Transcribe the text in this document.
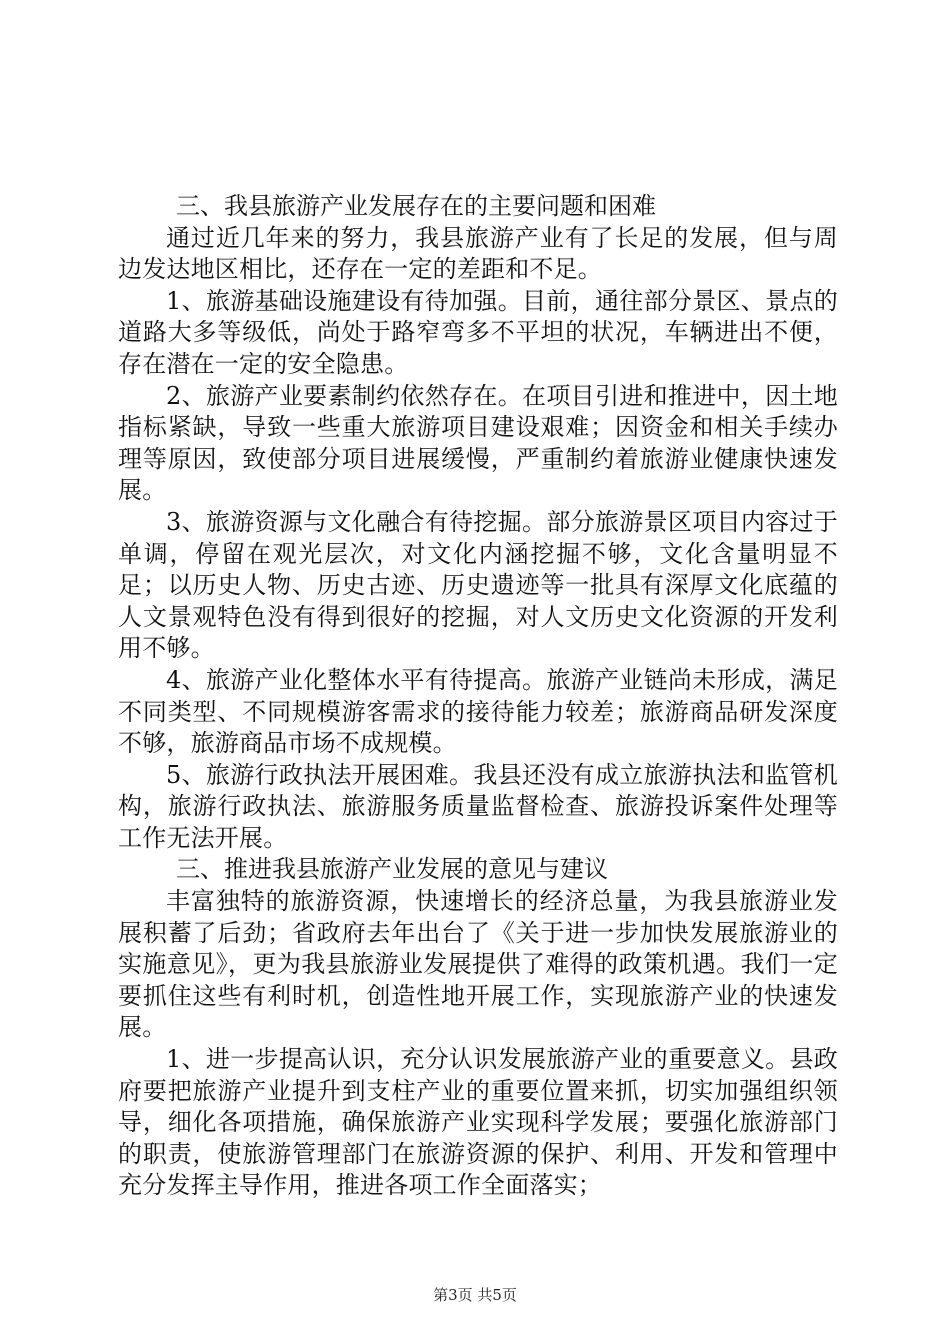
三、我县旅游产业发展存在的主要问题和困难

通过近几年来的努力，我县旅游产业有了长足的发展，但与周边发达地区相比，还存在一定的差距和不足。

1、旅游基础设施建设有待加强。目前，通往部分景区、景点的道路大多等级低，尚处于路窄弯多不平坦的状况，车辆进出不便，存在潜在一定的安全隐患。

2、旅游产业要素制约依然存在。在项目引进和推进中，因土地指标紧缺，导致一些重大旅游项目建设艰难；因资金和相关手续办理等原因，致使部分项目进展缓慢，严重制约着旅游业健康快速发展。

3、旅游资源与文化融合有待挖掘。部分旅游景区项目内容过于单调，停留在观光层次，对文化内涵挖掘不够，文化含量明显不足；以历史人物、历史古迹、历史遗迹等一批具有深厚文化底蕴的人文景观特色没有得到很好的挖掘，对人文历史文化资源的开发利用不够。

4、旅游产业化整体水平有待提高。旅游产业链尚未形成，满足不同类型、不同规模游客需求的接待能力较差；旅游商品研发深度不够，旅游商品市场不成规模。

5、旅游行政执法开展困难。我县还没有成立旅游执法和监管机构，旅游行政执法、旅游服务质量监督检查、旅游投诉案件处理等工作无法开展。

三、推进我县旅游产业发展的意见与建议

丰富独特的旅游资源，快速增长的经济总量，为我县旅游业发展积蓄了后劲；省政府去年出台了《关于进一步加快发展旅游业的实施意见》，更为我县旅游业发展提供了难得的政策机遇。我们一定要抓住这些有利时机，创造性地开展工作，实现旅游产业的快速发展。

1、进一步提高认识，充分认识发展旅游产业的重要意义。县政府要把旅游产业提升到支柱产业的重要位置来抓，切实加强组织领导，细化各项措施，确保旅游产业实现科学发展；要强化旅游部门的职责，使旅游管理部门在旅游资源的保护、利用、开发和管理中充分发挥主导作用，推进各项工作全面落实；

第3页 共5页
